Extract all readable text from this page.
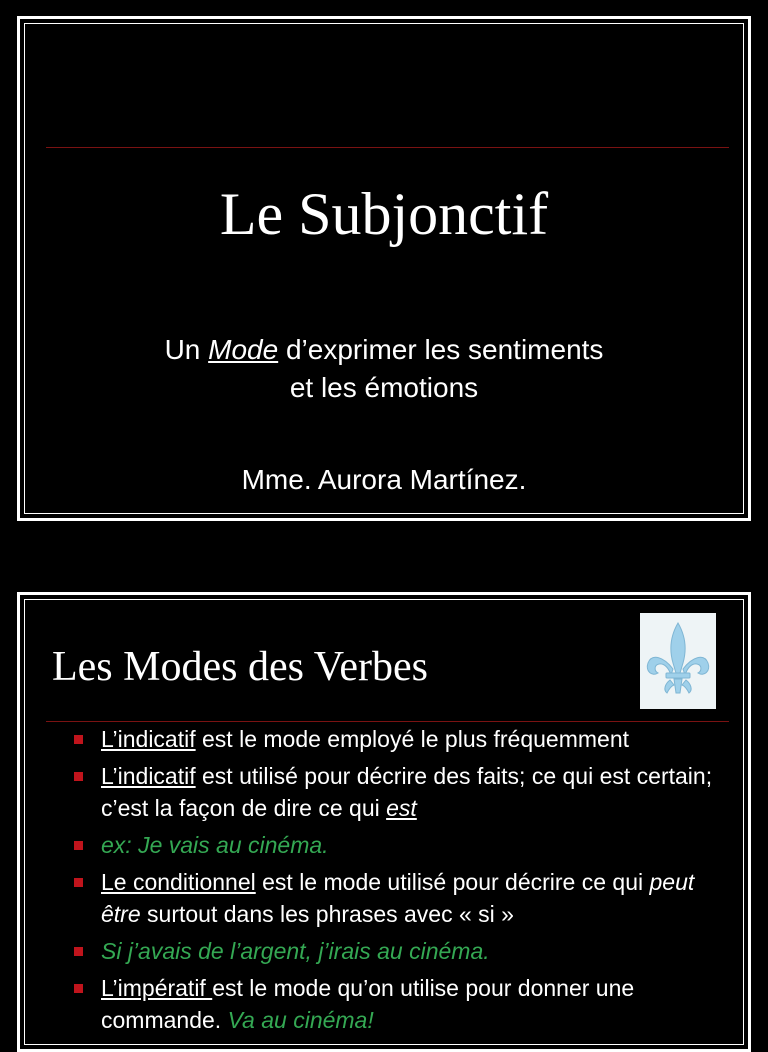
Le Subjonctif
Un Mode d’exprimer les sentiments
et les émotions
Mme. Aurora Martínez.
Les Modes des Verbes
L’indicatif est le mode employé le plus fréquemment
L’indicatif est utilisé pour décrire des faits; ce qui est certain; c’est la façon de dire ce qui est
ex: Je vais au cinéma.
Le conditionnel est le mode utilisé pour décrire ce qui peut être surtout dans les phrases avec « si »
Si j’avais de l’argent, j’irais au cinéma.
L’impératif est le mode qu’on utilise pour donner une commande. Va au cinéma!
